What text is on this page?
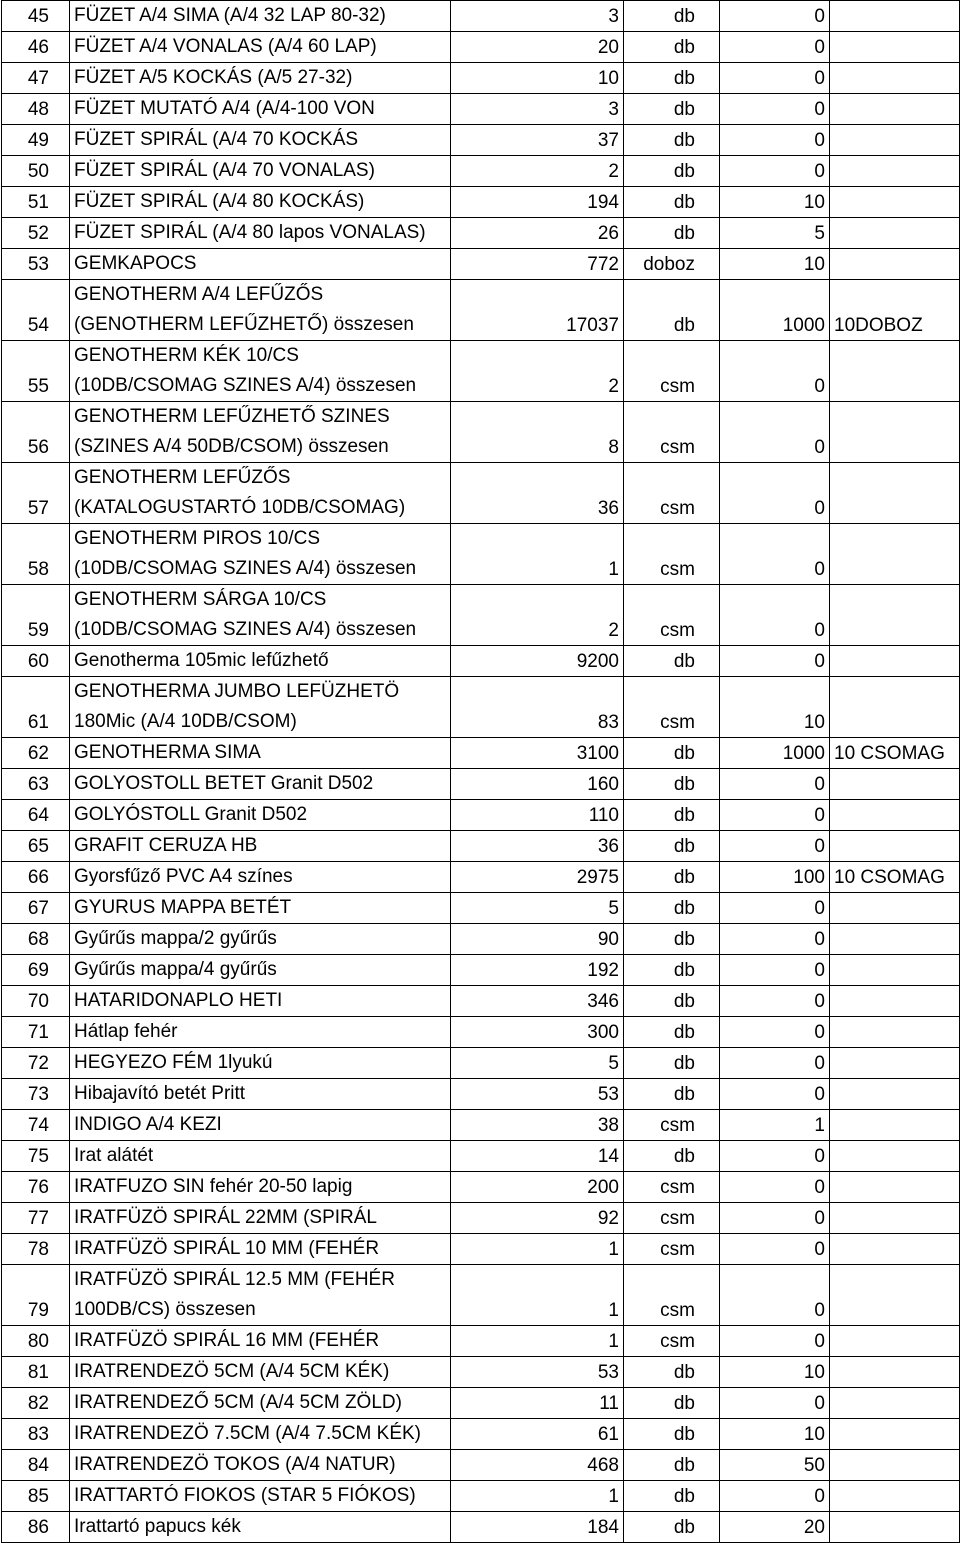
45	FÜZET A/4 SIMA (A/4 32 LAP 80-32)	3	db	0	
46	FÜZET A/4 VONALAS (A/4 60 LAP)	20	db	0	
47	FÜZET A/5 KOCKÁS (A/5 27-32)	10	db	0	
48	FÜZET MUTATÓ A/4 (A/4-100 VON	3	db	0	
49	FÜZET SPIRÁL (A/4 70 KOCKÁS	37	db	0	
50	FÜZET SPIRÁL (A/4 70 VONALAS)	2	db	0	
51	FÜZET SPIRÁL (A/4 80 KOCKÁS)	194	db	10	
52	FÜZET SPIRÁL (A/4 80 lapos VONALAS)	26	db	5	
53	GEMKAPOCS	772	doboz	10	
54	GENOTHERM A/4 LEFŰZŐS
(GENOTHERM LEFŰZHETŐ) összesen	17037	db	1000	10DOBOZ
55	GENOTHERM KÉK 10/CS
(10DB/CSOMAG SZINES A/4) összesen	2	csm	0	
56	GENOTHERM LEFŰZHETŐ SZINES
(SZINES A/4 50DB/CSOM) összesen	8	csm	0	
57	GENOTHERM LEFŰZŐS
(KATALOGUSTARTÓ 10DB/CSOMAG)	36	csm	0	
58	GENOTHERM PIROS 10/CS
(10DB/CSOMAG SZINES A/4) összesen	1	csm	0	
59	GENOTHERM SÁRGA 10/CS
(10DB/CSOMAG SZINES A/4) összesen	2	csm	0	
60	Genotherma 105mic lefűzhető	9200	db	0	
61	GENOTHERMA JUMBO LEFÜZHETÖ
180Mic (A/4 10DB/CSOM)	83	csm	10	
62	GENOTHERMA SIMA	3100	db	1000	10 CSOMAG
63	GOLYOSTOLL BETET Granit D502	160	db	0	
64	GOLYÓSTOLL Granit D502	110	db	0	
65	GRAFIT CERUZA HB	36	db	0	
66	Gyorsfűző PVC A4 színes	2975	db	100	10 CSOMAG
67	GYURUS MAPPA BETÉT	5	db	0	
68	Gyűrűs mappa/2 gyűrűs	90	db	0	
69	Gyűrűs mappa/4 gyűrűs	192	db	0	
70	HATARIDONAPLO HETI	346	db	0	
71	Hátlap fehér	300	db	0	
72	HEGYEZO FÉM 1lyukú	5	db	0	
73	Hibajavító betét Pritt	53	db	0	
74	INDIGO A/4 KEZI	38	csm	1	
75	Irat alátét	14	db	0	
76	IRATFUZO SIN fehér 20-50 lapig	200	csm	0	
77	IRATFÜZÖ SPIRÁL 22MM (SPIRÁL	92	csm	0	
78	IRATFÜZÖ SPIRÁL 10 MM (FEHÉR	1	csm	0	
79	IRATFÜZÖ SPIRÁL 12.5 MM (FEHÉR
100DB/CS) összesen	1	csm	0	
80	IRATFÜZÖ SPIRÁL 16 MM (FEHÉR	1	csm	0	
81	IRATRENDEZÖ 5CM (A/4 5CM KÉK)	53	db	10	
82	IRATRENDEZŐ 5CM (A/4 5CM ZÖLD)	11	db	0	
83	IRATRENDEZÖ 7.5CM (A/4 7.5CM KÉK)	61	db	10	
84	IRATRENDEZÖ TOKOS (A/4 NATUR)	468	db	50	
85	IRATTARTÓ FIOKOS (STAR 5 FIÓKOS)	1	db	0	
86	Irattartó papucs kék	184	db	20	
